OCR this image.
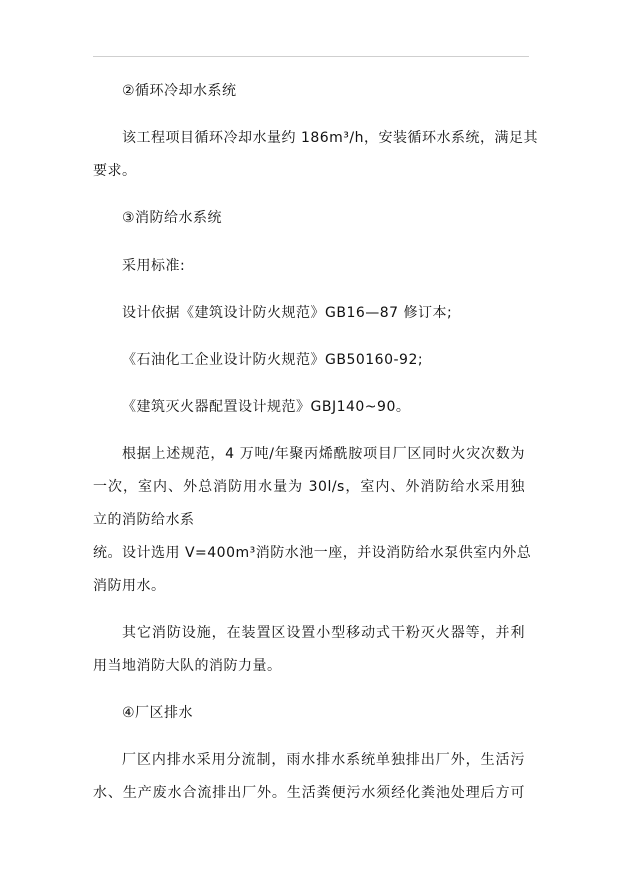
②循环冷却水系统
该工程项目循环冷却水量约 186m³/h，安装循环水系统，满足其
要求。
③消防给水系统
采用标准:
设计依据《建筑设计防火规范》GB16—87 修订本;
《石油化工企业设计防火规范》GB50160-92;
《建筑灭火器配置设计规范》GBJ140~90。
根据上述规范，4 万吨/年聚丙烯酰胺项目厂区同时火灾次数为
一次，室内、外总消防用水量为 30l/s，室内、外消防给水采用独
立的消防给水系
统。设计选用 V=400m³消防水池一座，并设消防给水泵供室内外总
消防用水。
其它消防设施，在装置区设置小型移动式干粉灭火器等，并利
用当地消防大队的消防力量。
④厂区排水
厂区内排水采用分流制，雨水排水系统单独排出厂外，生活污
水、生产废水合流排出厂外。生活粪便污水须经化粪池处理后方可
